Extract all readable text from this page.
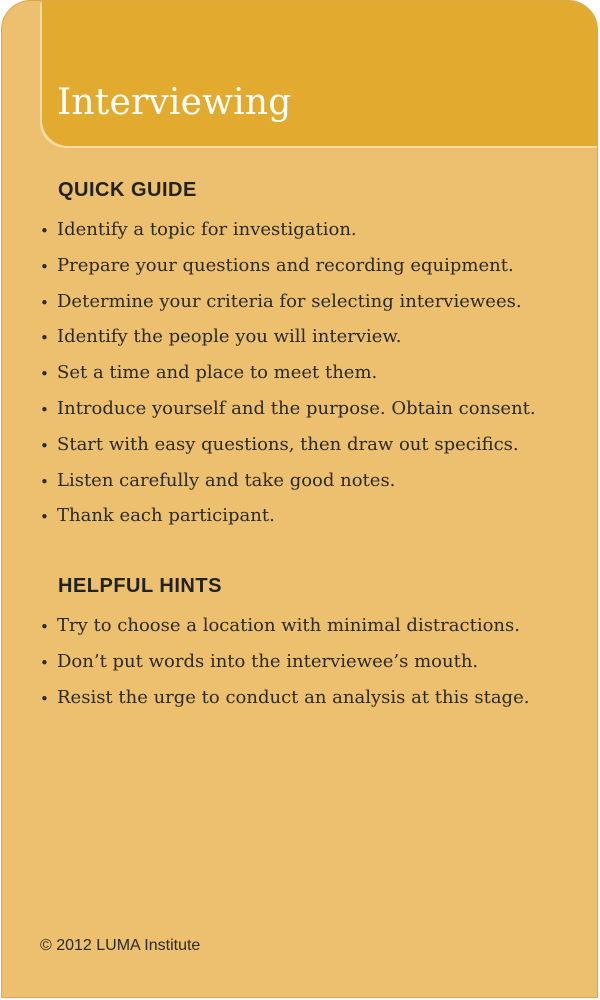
Interviewing
QUICK GUIDE
• Identify a topic for investigation.
• Prepare your questions and recording equipment.
• Determine your criteria for selecting interviewees.
• Identify the people you will interview.
• Set a time and place to meet them.
• Introduce yourself and the purpose. Obtain consent.
• Start with easy questions, then draw out specifics.
• Listen carefully and take good notes.
• Thank each participant.
HELPFUL HINTS
• Try to choose a location with minimal distractions.
• Don’t put words into the interviewee’s mouth.
• Resist the urge to conduct an analysis at this stage.
© 2012 LUMA Institute
